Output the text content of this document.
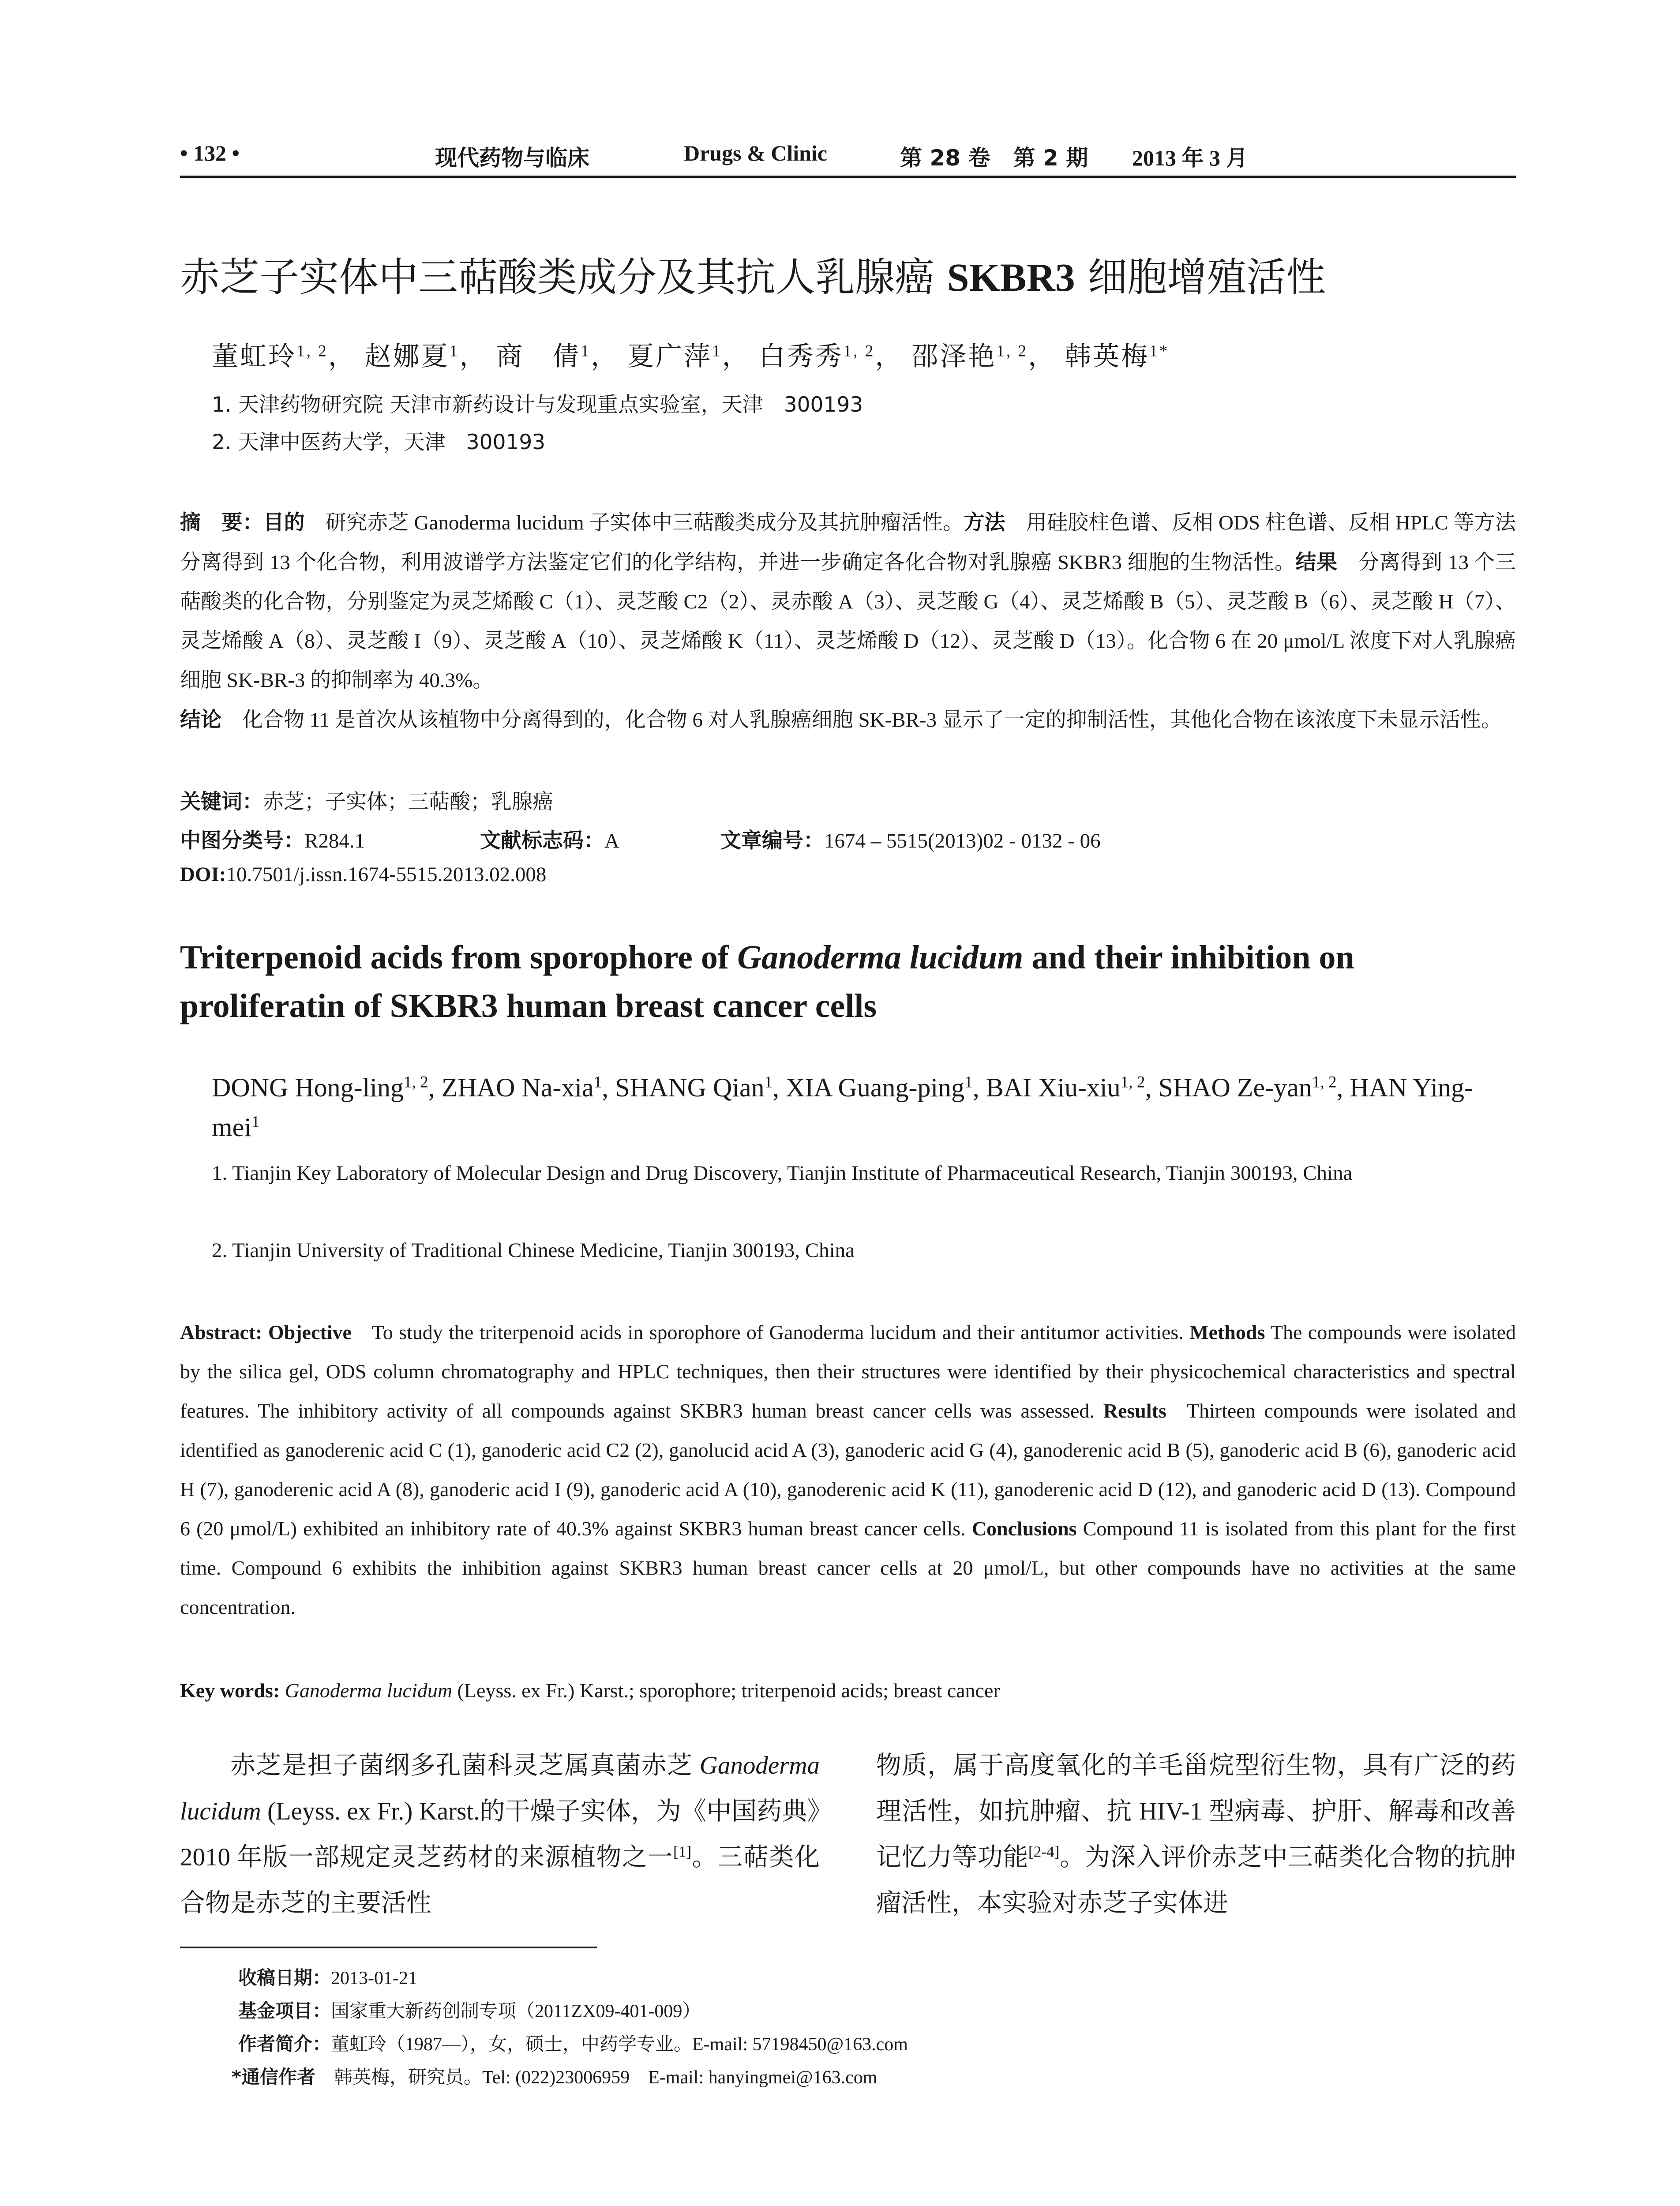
• 132 •	现代药物与临床	Drugs & Clinic	第 28 卷   第 2 期 2013 年 3 月
赤芝子实体中三萜酸类成分及其抗人乳腺癌 SKBR3 细胞增殖活性
董虹玲$^{1, 2}$， 赵娜夏$^1$， 商　倩$^1$， 夏广萍$^1$， 白秀秀$^{1, 2}$， 邵泽艳$^{1, 2}$， 韩英梅$^{1*}$
1. 天津药物研究院 天津市新药设计与发现重点实验室，天津　300193
2. 天津中医药大学，天津　300193
摘　要：目的  研究赤芝 Ganoderma lucidum 子实体中三萜酸类成分及其抗肿瘤活性。方法  用硅胶柱色谱、反相 ODS 柱色谱、反相 HPLC 等方法分离得到 13 个化合物，利用波谱学方法鉴定它们的化学结构，并进一步确定各化合物对乳腺癌 SKBR3 细胞的生物活性。结果  分离得到 13 个三萜酸类的化合物，分别鉴定为灵芝烯酸 C（1）、灵芝酸 C2（2）、灵赤酸 A（3）、灵芝酸 G（4）、灵芝烯酸 B（5）、灵芝酸 B（6）、灵芝酸 H（7）、灵芝烯酸 A（8）、灵芝酸 I（9）、灵芝酸 A（10）、灵芝烯酸 K（11）、灵芝烯酸 D（12）、灵芝酸 D（13）。化合物 6 在 20 μmol/L 浓度下对人乳腺癌细胞 SK-BR-3 的抑制率为 40.3%。
结论  化合物 11 是首次从该植物中分离得到的，化合物 6 对人乳腺癌细胞 SK-BR-3 显示了一定的抑制活性，其他化合物在该浓度下未显示活性。
关键词：赤芝；子实体；三萜酸；乳腺癌
中图分类号：R284.1	文献标志码：A	文章编号：1674 – 5515(2013)02 - 0132 - 06
DOI:10.7501/j.issn.1674-5515.2013.02.008
Triterpenoid acids from sporophore of Ganoderma lucidum and their inhibition on proliferatin of SKBR3 human breast cancer cells
DONG Hong-ling$^{1, 2}$, ZHAO Na-xia$^1$, SHANG Qian$^1$, XIA Guang-ping$^1$, BAI Xiu-xiu$^{1, 2}$, SHAO Ze-yan$^{1, 2}$, HAN Ying-mei$^1$
1. Tianjin Key Laboratory of Molecular Design and Drug Discovery, Tianjin Institute of Pharmaceutical Research, Tianjin 300193, China
2. Tianjin University of Traditional Chinese Medicine, Tianjin 300193, China
Abstract: Objective  To study the triterpenoid acids in sporophore of Ganoderma lucidum and their antitumor activities. Methods The compounds were isolated by the silica gel, ODS column chromatography and HPLC techniques, then their structures were identified by their physicochemical characteristics and spectral features. The inhibitory activity of all compounds against SKBR3 human breast cancer cells was assessed. Results  Thirteen compounds were isolated and identified as ganoderenic acid C (1), ganoderic acid C2 (2), ganolucid acid A (3), ganoderic acid G (4), ganoderenic acid B (5), ganoderic acid B (6), ganoderic acid H (7), ganoderenic acid A (8), ganoderic acid I (9), ganoderic acid A (10), ganoderenic acid K (11), ganoderenic acid D (12), and ganoderic acid D (13). Compound 6 (20 μmol/L) exhibited an inhibitory rate of 40.3% against SKBR3 human breast cancer cells. Conclusions Compound 11 is isolated from this plant for the first time. Compound 6 exhibits the inhibition against SKBR3 human breast cancer cells at 20 μmol/L, but other compounds have no activities at the same concentration.
Key words: Ganoderma lucidum (Leyss. ex Fr.) Karst.; sporophore; triterpenoid acids; breast cancer
赤芝是担子菌纲多孔菌科灵芝属真菌赤芝 Ganoderma lucidum (Leyss. ex Fr.) Karst.的干燥子实体，为《中国药典》2010 年版一部规定灵芝药材的来源植物之一[1]。三萜类化合物是赤芝的主要活性
物质，属于高度氧化的羊毛甾烷型衍生物，具有广泛的药理活性，如抗肿瘤、抗 HIV-1 型病毒、护肝、解毒和改善记忆力等功能[2-4]。为深入评价赤芝中三萜类化合物的抗肿瘤活性，本实验对赤芝子实体进
收稿日期：2013-01-21
基金项目：国家重大新药创制专项（2011ZX09-401-009）
作者简介：董虹玲（1987—），女，硕士，中药学专业。E-mail: 57198450@163.com
*通信作者　韩英梅，研究员。Tel: (022)23006959　E-mail: hanyingmei@163.com
